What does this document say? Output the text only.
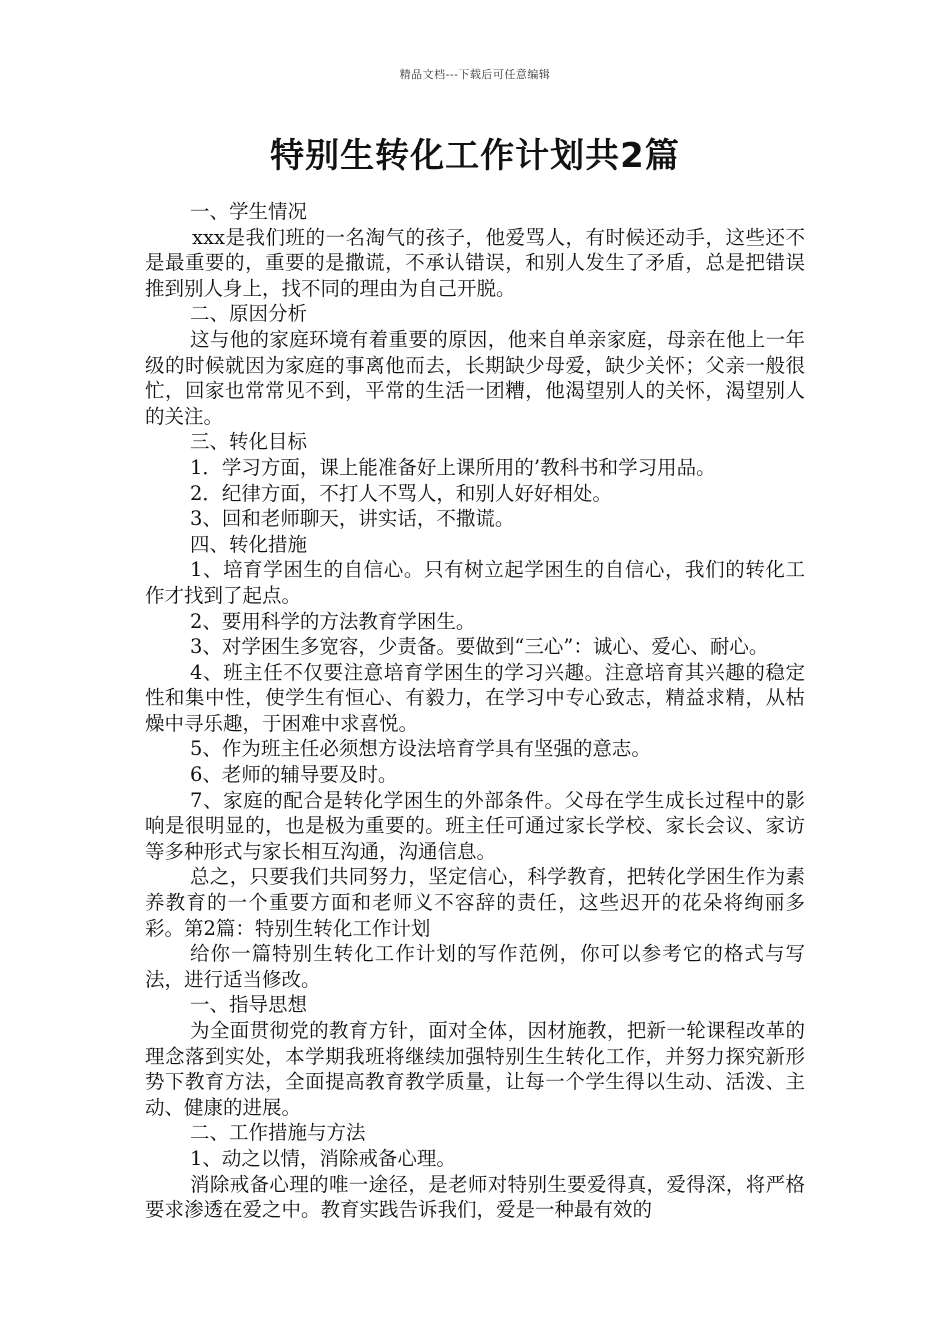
精品文档---下载后可任意编辑
特别生转化工作计划共2篇

一、学生情况

xxx是我们班的一名淘气的孩子，他爱骂人，有时候还动手，这些还不是最重要的，重要的是撒谎，不承认错误，和别人发生了矛盾，总是把错误推到别人身上，找不同的理由为自己开脱。

二、原因分析

这与他的家庭环境有着重要的原因，他来自单亲家庭，母亲在他上一年级的时候就因为家庭的事离他而去，长期缺少母爱，缺少关怀；父亲一般很忙，回家也常常见不到，平常的生活一团糟，他渴望别人的关怀，渴望别人的关注。

三、转化目标

1．学习方面，课上能准备好上课所用的’教科书和学习用品。

2．纪律方面，不打人不骂人，和别人好好相处。

3、回和老师聊天，讲实话，不撒谎。

四、转化措施

1、培育学困生的自信心。只有树立起学困生的自信心，我们的转化工作才找到了起点。

2、要用科学的方法教育学困生。

3、对学困生多宽容，少责备。要做到“三心”：诚心、爱心、耐心。

4、班主任不仅要注意培育学困生的学习兴趣。注意培育其兴趣的稳定性和集中性，使学生有恒心、有毅力，在学习中专心致志，精益求精，从枯燥中寻乐趣，于困难中求喜悦。

5、作为班主任必须想方设法培育学具有坚强的意志。

6、老师的辅导要及时。

7、家庭的配合是转化学困生的外部条件。父母在学生成长过程中的影响是很明显的，也是极为重要的。班主任可通过家长学校、家长会议、家访等多种形式与家长相互沟通，沟通信息。

总之，只要我们共同努力，坚定信心，科学教育，把转化学困生作为素养教育的一个重要方面和老师义不容辞的责任，这些迟开的花朵将绚丽多彩。第2篇：特别生转化工作计划

给你一篇特别生转化工作计划的写作范例，你可以参考它的格式与写法，进行适当修改。

一、指导思想

为全面贯彻党的教育方针，面对全体，因材施教，把新一轮课程改革的理念落到实处，本学期我班将继续加强特别生生转化工作，并努力探究新形势下教育方法，全面提高教育教学质量，让每一个学生得以生动、活泼、主动、健康的进展。

二、工作措施与方法

1、动之以情，消除戒备心理。

消除戒备心理的唯一途径，是老师对特别生要爱得真，爱得深，将严格要求渗透在爱之中。教育实践告诉我们，爱是一种最有效的
